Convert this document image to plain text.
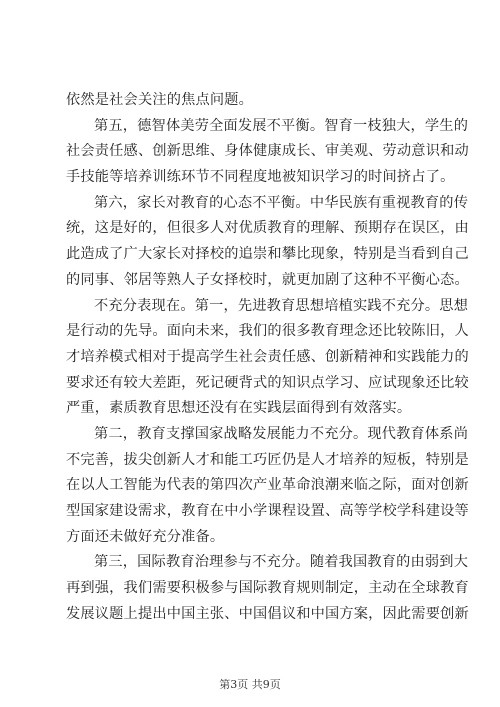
依然是社会关注的焦点问题。
第五，德智体美劳全面发展不平衡。智育一枝独大，学生的
社会责任感、创新思维、身体健康成长、审美观、劳动意识和动
手技能等培养训练环节不同程度地被知识学习的时间挤占了。
第六，家长对教育的心态不平衡。中华民族有重视教育的传
统，这是好的，但很多人对优质教育的理解、预期存在误区，由
此造成了广大家长对择校的追崇和攀比现象，特别是当看到自己
的同事、邻居等熟人子女择校时，就更加剧了这种不平衡心态。
不充分表现在。第一，先进教育思想培植实践不充分。思想
是行动的先导。面向未来，我们的很多教育理念还比较陈旧，人
才培养模式相对于提高学生社会责任感、创新精神和实践能力的
要求还有较大差距，死记硬背式的知识点学习、应试现象还比较
严重，素质教育思想还没有在实践层面得到有效落实。
第二，教育支撑国家战略发展能力不充分。现代教育体系尚
不完善，拔尖创新人才和能工巧匠仍是人才培养的短板，特别是
在以人工智能为代表的第四次产业革命浪潮来临之际，面对创新
型国家建设需求，教育在中小学课程设置、高等学校学科建设等
方面还未做好充分准备。
第三，国际教育治理参与不充分。随着我国教育的由弱到大
再到强，我们需要积极参与国际教育规则制定，主动在全球教育
发展议题上提出中国主张、中国倡议和中国方案，因此需要创新
第3页 共9页
